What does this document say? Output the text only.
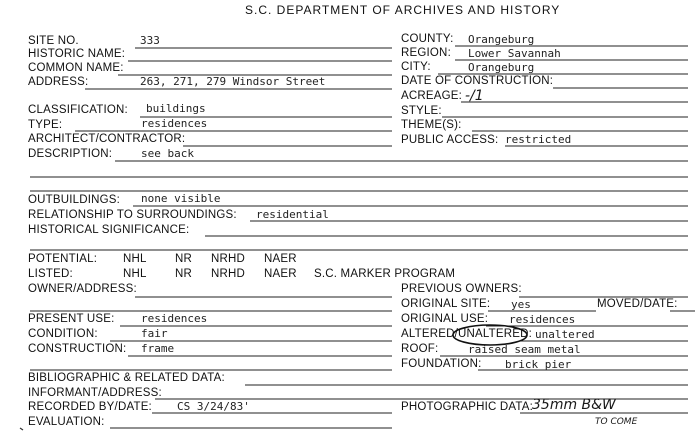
S.C. DEPARTMENT OF ARCHIVES AND HISTORY
SITE NO.
HISTORIC NAME:
COMMON NAME:
ADDRESS:
CLASSIFICATION:
TYPE:
ARCHITECT/CONTRACTOR:
DESCRIPTION:
OUTBUILDINGS:
RELATIONSHIP TO SURROUNDINGS:
HISTORICAL SIGNIFICANCE:
POTENTIAL:
LISTED:
OWNER/ADDRESS:
PRESENT USE:
CONDITION:
CONSTRUCTION:
BIBLIOGRAPHIC & RELATED DATA:
INFORMANT/ADDRESS:
RECORDED BY/DATE:
EVALUATION:
NHL NR NRHD NAER
NHL NR NRHD NAER S.C. MARKER PROGRAM
COUNTY:
REGION:
CITY:
DATE OF CONSTRUCTION:
ACREAGE:
STYLE:
THEME(S):
PUBLIC ACCESS:
PREVIOUS OWNERS:
ORIGINAL SITE:	MOVED/DATE:
ORIGINAL USE:
ALTERED/ UNALTERED:
ROOF:
FOUNDATION:
PHOTOGRAPHIC DATA:
333
263, 271, 279 Windsor Street
buildings
residences
see back
none visible
residential
residences
fair
frame
CS 3/24/83'
Orangeburg
Lower Savannah
Orangeburg
restricted
yes
residences
unaltered
raised seam metal
brick pier
-/1
35mm B&W
TO COME
